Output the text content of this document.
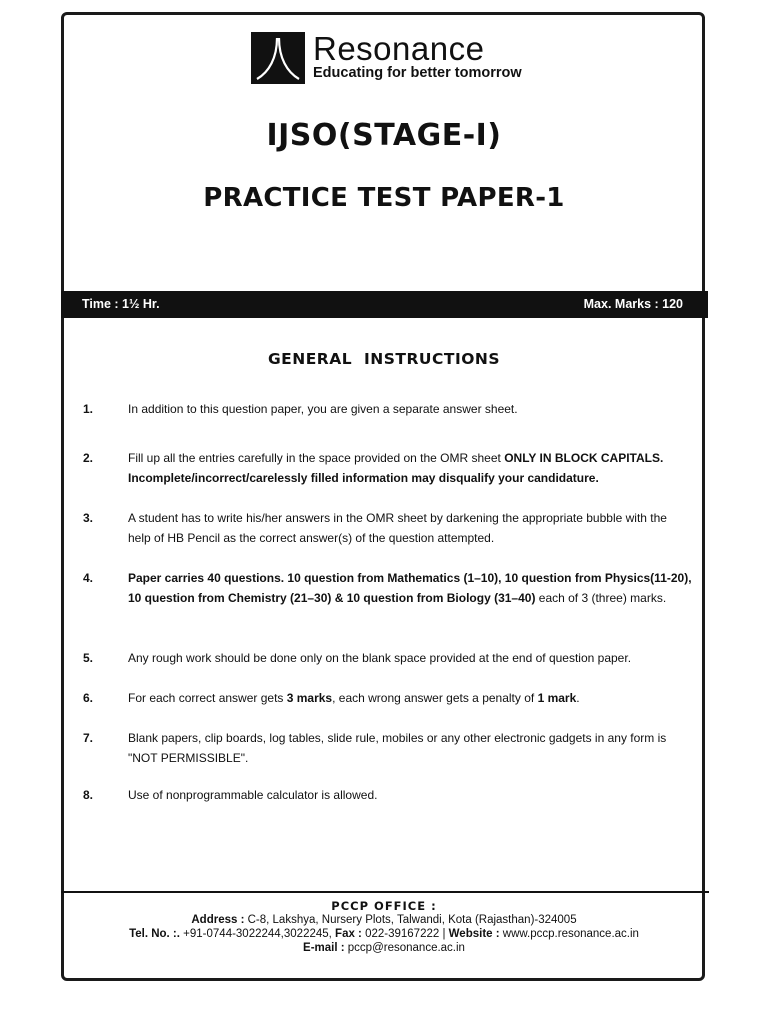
Resonance
Educating for better tomorrow
IJSO(STAGE-I)
PRACTICE TEST PAPER-1
Time : 1½ Hr.	Max. Marks : 120
GENERAL INSTRUCTIONS
1.	In addition to this question paper, you are given a separate answer sheet.
2.	Fill up all the entries carefully in the space provided on the OMR sheet ONLY IN BLOCK CAPITALS.
Incomplete/incorrect/carelessly filled information may disqualify your candidature.
3.	A student has to write his/her answers in the OMR sheet by darkening the appropriate bubble with the
help of HB Pencil as the correct answer(s) of the question attempted.
4.	Paper carries 40 questions. 10 question from Mathematics (1–10), 10 question from Physics(11-20),
10 question from Chemistry (21–30) & 10 question from Biology (31–40) each of 3 (three) marks.
5.	Any rough work should be done only on the blank space provided at the end of question paper.
6.	For each correct answer gets 3 marks, each wrong answer gets a penalty of 1 mark.
7.	Blank papers, clip boards, log tables, slide rule, mobiles or any other electronic gadgets in any form is
"NOT PERMISSIBLE".
8.	Use of nonprogrammable calculator is allowed.
PCCP OFFICE :
Address : C-8, Lakshya, Nursery Plots, Talwandi, Kota (Rajasthan)-324005
Tel. No. :. +91-0744-3022244,3022245, Fax : 022-39167222 | Website : www.pccp.resonance.ac.in
E-mail : pccp@resonance.ac.in
